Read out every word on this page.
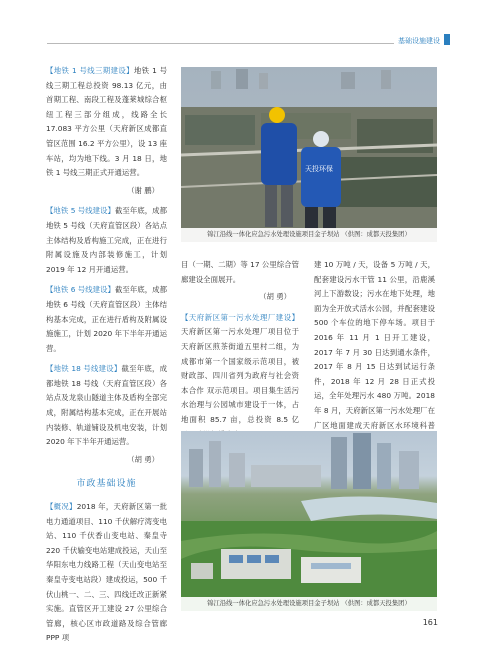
基础设施建设

【地铁 1 号线三期建设】地铁 1 号线三期工程总投资 98.13 亿元，由首期工程、南段工程及蓬莱城综合枢纽工程三部分组成，线路全长 17.083 平方公里（天府新区成都直管区范围 16.2 平方公里），设 13 座车站，均为地下线。3 月 18 日，地铁 1 号线三期正式开通运营。

（谢 鹏）

【地铁 5 号线建设】截至年底，成都地铁 5 号线（天府直管区段）各站点主体结构及盾构施工完成，正在进行附属设施及内部装修施工，计划 2019 年 12 月开通运营。

【地铁 6 号线建设】截至年底，成都地铁 6 号线（天府直管区段）主体结构基本完成，正在进行盾构及附属设施施工，计划 2020 年下半年开通运营。

【地铁 18 号线建设】截至年底，成都地铁 18 号线（天府直管区段）各站点及龙泉山隧道主体及盾构全部完成，附属结构基本完成，正在开展站内装修、轨道铺设及机电安装，计划 2020 年下半年开通运营。

（胡 勇）
市政基础设施

【概况】2018 年，天府新区第一批电力通道项目、110 千伏解疗湾变电站、110 千伏香山变电站、秦皇寺 220 千伏输变电站建成投运，天山至华阳东电力线路工程（天山变电站至秦皇寺变电站段）建成投运，500 千伏山桃一、二、三、四线迁改正新紧实施。直管区开工建设 27 公里综合管廊，核心区市政道路及综合管廊 PPP 项

天投环保
锦江沿线一体化应急污水处理设施项目金子坝站 （供图：成都天投集团）

目（一期、二期）等 17 公里综合管廊建设全面展开。

（胡 勇）

【天府新区第一污水处理厂建设】天府新区第一污水处理厂项目位于天府新区煎茶街道五里村二组，为成都市第一个国家级示范项目，被财政部、四川省列为政府与社会资本合作 双示范项目。项目集生活污水治理与公园城市建设于一体，占地面积 85.7 亩，总投资 8.5 亿

建 10 万吨 / 天，设备 5 万吨 / 天，配套建设污水干管 11 公里，沿鹿溪河上下游数设；污水在地下处理，地面为全开放式活水公园，并配套建设 500 个车位的地下停车场。项目于 2016 年 11 月 1 日开工建设，2017 年 7 月 30 日达到通水条件，2017 年 8 月 15 日达到试运行条件，2018 年 12 月 28 日正式投运，全年处理污水 480 万吨。2018 年 8 月，天府新区第一污水处理厂在广区地面建成天府新区水环境科普

锦江沿线一体化应急污水处理设施项目金子坝站 （供图：成都天投集团）
161
